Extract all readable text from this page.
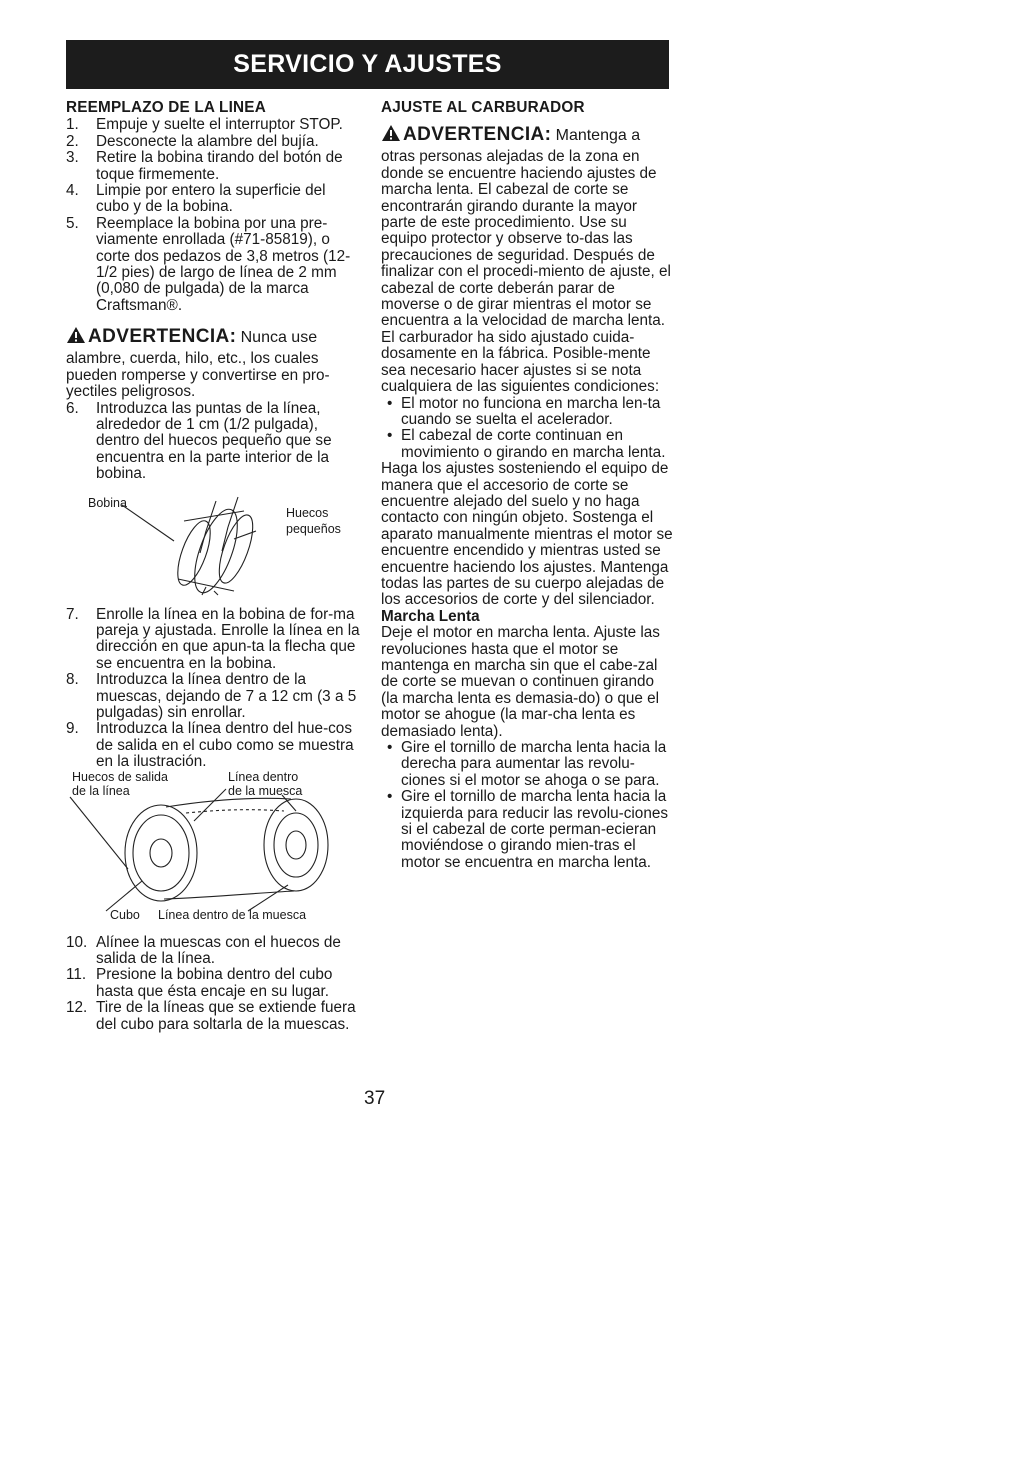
SERVICIO Y AJUSTES
REEMPLAZO DE LA LINEA
1. Empuje y suelte el interruptor STOP.
2. Desconecte la alambre del bujía.
3. Retire la bobina tirando del botón de toque firmemente.
4. Limpie por entero la superficie del cubo y de la bobina.
5. Reemplace la bobina por una pre-viamente enrollada (#71-85819), o corte dos pedazos de 3,8 metros (12-1/2 pies) de largo de línea de 2 mm (0,080 de pulgada) de la marca Craftsman®.
ADVERTENCIA: Nunca use
alambre, cuerda, hilo, etc., los cuales pueden romperse y convertirse en pro-yectiles peligrosos.
6. Introduzca las puntas de la línea, alrededor de 1 cm (1/2 pulgada), dentro del huecos pequeño que se encuentra en la parte interior de la bobina.
Bobina
Huecos
pequeños
7. Enrolle la línea en la bobina de for-ma pareja y ajustada. Enrolle la línea en la dirección en que apun-ta la flecha que se encuentra en la bobina.
8. Introduzca la línea dentro de la muescas, dejando de 7 a 12 cm (3 a 5 pulgadas) sin enrollar.
9. Introduzca la línea dentro del hue-cos de salida en el cubo como se muestra en la ilustración.
Huecos de salida
de la línea
Línea dentro
de la muesca
Cubo Línea dentro de la muesca
10. Alínee la muescas con el huecos de salida de la línea.
11. Presione la bobina dentro del cubo hasta que ésta encaje en su lugar.
12. Tire de la líneas que se extiende fuera del cubo para soltarla de la muescas.
AJUSTE AL CARBURADOR
ADVERTENCIA: Mantenga a
otras personas alejadas de la zona en donde se encuentre haciendo ajustes de marcha lenta. El cabezal de corte se encontrarán girando durante la mayor parte de este procedimiento. Use su equipo protector y observe to-das las precauciones de seguridad. Después de finalizar con el procedi-miento de ajuste, el cabezal de corte deberán parar de moverse o de girar mientras el motor se encuentra a la velocidad de marcha lenta.

El carburador ha sido ajustado cuida-dosamente en la fábrica. Posible-mente sea necesario hacer ajustes si se nota cualquiera de las siguientes condiciones:

• El motor no funciona en marcha len-ta cuando se suelta el acelerador.
• El cabezal de corte continuan en movimiento o girando en marcha lenta.

Haga los ajustes sosteniendo el equipo de manera que el accesorio de corte se encuentre alejado del suelo y no haga contacto con ningún objeto. Sostenga el aparato manualmente mientras el motor se encuentre encendido y mientras usted se encuentre haciendo los ajustes. Mantenga todas las partes de su cuerpo alejadas de los accesorios de corte y del silenciador.

Marcha Lenta

Deje el motor en marcha lenta. Ajuste las revoluciones hasta que el motor se mantenga en marcha sin que el cabe-zal de corte se muevan o continuen girando (la marcha lenta es demasia-do) o que el motor se ahogue (la mar-cha lenta es demasiado lenta).

• Gire el tornillo de marcha lenta hacia la derecha para aumentar las revolu-ciones si el motor se ahoga o se para.
• Gire el tornillo de marcha lenta hacia la izquierda para reducir las revolu-ciones si el cabezal de corte perman-ecieran moviéndose o girando mien-tras el motor se encuentra en marcha lenta.
37
